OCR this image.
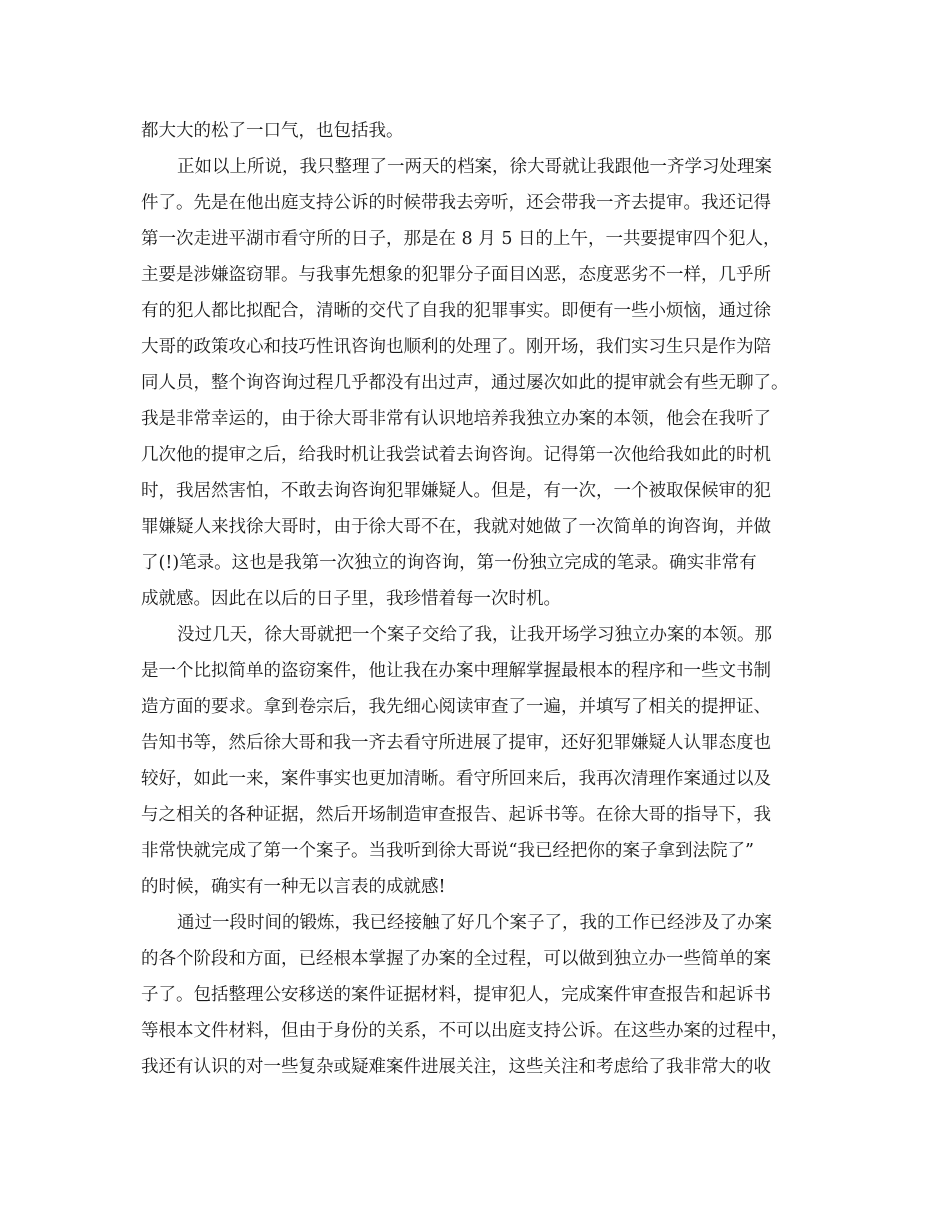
都大大的松了一口气，也包括我。
正如以上所说，我只整理了一两天的档案，徐大哥就让我跟他一齐学习处理案
件了。先是在他出庭支持公诉的时候带我去旁听，还会带我一齐去提审。我还记得
第一次走进平湖市看守所的日子，那是在 8 月 5 日的上午，一共要提审四个犯人，
主要是涉嫌盗窃罪。与我事先想象的犯罪分子面目凶恶，态度恶劣不一样，几乎所
有的犯人都比拟配合，清晰的交代了自我的犯罪事实。即便有一些小烦恼，通过徐
大哥的政策攻心和技巧性讯咨询也顺利的处理了。刚开场，我们实习生只是作为陪
同人员，整个询咨询过程几乎都没有出过声，通过屡次如此的提审就会有些无聊了。
我是非常幸运的，由于徐大哥非常有认识地培养我独立办案的本领，他会在我听了
几次他的提审之后，给我时机让我尝试着去询咨询。记得第一次他给我如此的时机
时，我居然害怕，不敢去询咨询犯罪嫌疑人。但是，有一次，一个被取保候审的犯
罪嫌疑人来找徐大哥时，由于徐大哥不在，我就对她做了一次简单的询咨询，并做
了(!)笔录。这也是我第一次独立的询咨询，第一份独立完成的笔录。确实非常有
成就感。因此在以后的日子里，我珍惜着每一次时机。
没过几天，徐大哥就把一个案子交给了我，让我开场学习独立办案的本领。那
是一个比拟简单的盗窃案件，他让我在办案中理解掌握最根本的程序和一些文书制
造方面的要求。拿到卷宗后，我先细心阅读审查了一遍，并填写了相关的提押证、
告知书等，然后徐大哥和我一齐去看守所进展了提审，还好犯罪嫌疑人认罪态度也
较好，如此一来，案件事实也更加清晰。看守所回来后，我再次清理作案通过以及
与之相关的各种证据，然后开场制造审查报告、起诉书等。在徐大哥的指导下，我
非常快就完成了第一个案子。当我听到徐大哥说“我已经把你的案子拿到法院了”
的时候，确实有一种无以言表的成就感!
通过一段时间的锻炼，我已经接触了好几个案子了，我的工作已经涉及了办案
的各个阶段和方面，已经根本掌握了办案的全过程，可以做到独立办一些简单的案
子了。包括整理公安移送的案件证据材料，提审犯人，完成案件审查报告和起诉书
等根本文件材料，但由于身份的关系，不可以出庭支持公诉。在这些办案的过程中，
我还有认识的对一些复杂或疑难案件进展关注，这些关注和考虑给了我非常大的收
